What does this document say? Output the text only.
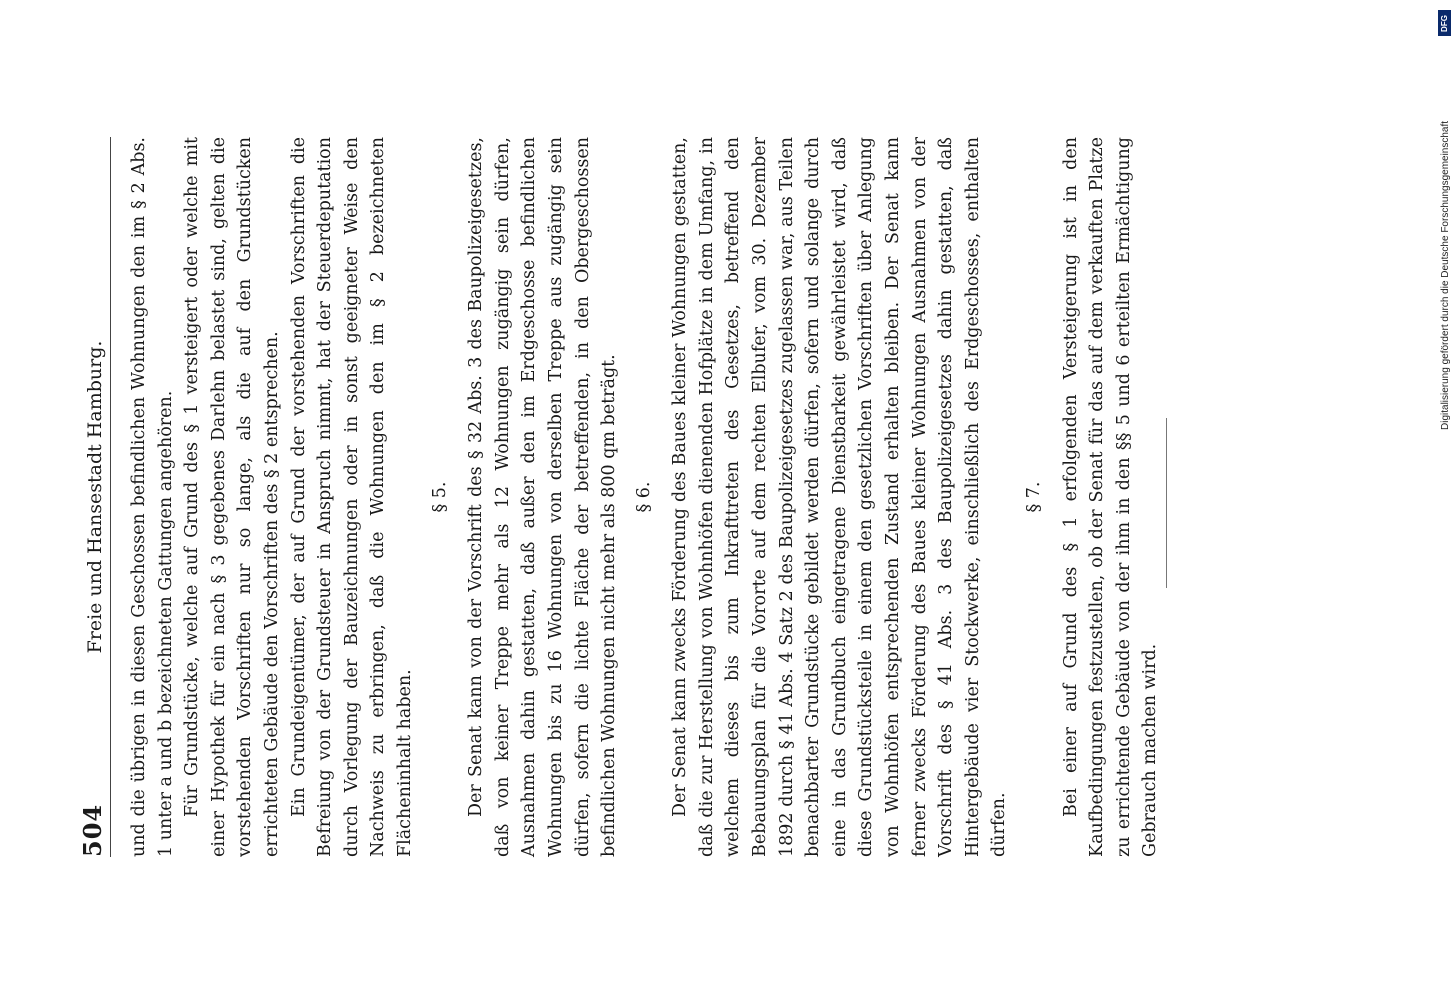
504
Freie und Hansestadt Hamburg. und die übrigen in diesen Geschossen befindlichen Wohnungen den im § 2 Abs. 1 unter a und b bezeichneten Gattungen angehören. Für Grundstücke, welche auf Grund des § 1 versteigert oder welche mit einer Hypothek für ein nach § 3 gegebenes Darlehn belastet sind, gelten die vorstehenden Vorschriften nur so lange, als die auf den Grundstücken errichteten Gebäude den Vorschriften des § 2 entsprechen. Ein Grundeigentümer, der auf Grund der vorstehenden Vorschriften die Befreiung von der Grundsteuer in Anspruch nimmt, hat der Steuerdeputation durch Vorlegung der Bauzeichnungen oder in sonst geeigneter Weise den Nachweis zu erbringen, daß die Wohnungen den im § 2 bezeichneten Flächeninhalt haben.

§ 5. Der Senat kann von der Vorschrift des § 32 Abs. 3 des Baupolizeigesetzes, daß von keiner Treppe mehr als 12 Wohnungen zugängig sein dürfen, Ausnahmen dahin gestatten, daß außer den im Erdgeschosse befindlichen Wohnungen bis zu 16 Wohnungen von derselben Treppe aus zugängig sein dürfen, sofern die lichte Fläche der betreffenden, in den Obergeschossen befindlichen Wohnungen nicht mehr als 800 qm beträgt. § 6. Der Senat kann zwecks Förderung des Baues kleiner Wohnungen gestatten, daß die zur Herstellung von Wohnhöfen dienenden Hofplätze in dem Umfang, in welchem dieses bis zum Inkrafttreten des Gesetzes, betreffend den Bebauungsplan für die Vororte auf dem rechten Elbufer, vom 30. Dezember 1892 durch § 41 Abs. 4 Satz 2 des Baupolizeigesetzes zugelassen war, aus Teilen benachbarter Grundstücke gebildet werden dürfen, sofern und solange durch eine in das Grundbuch eingetragene Dienstbarkeit gewährleistet wird, daß diese Grundstücksteile in einem den gesetzlichen Vorschriften über Anlegung von Wohnhöfen entsprechenden Zustand erhalten bleiben. Der Senat kann ferner zwecks Förderung des Baues kleiner Wohnungen Ausnahmen von der Vorschrift des § 41 Abs. 3 des Baupolizeigesetzes dahin gestatten, daß Hintergebäude vier Stockwerke, einschließlich des Erdgeschosses, enthalten dürfen.

§ 7. Bei einer auf Grund des § 1 erfolgenden Versteigerung ist in den Kaufbedingungen festzustellen, ob der Senat für das auf dem verkauften Platze zu errichtende Gebäude von der ihm in den §§ 5 und 6 erteilten Ermächtigung Gebrauch machen wird.

DFG
Digitalisierung gefördert durch die Deutsche Forschungsgemeinschaft
